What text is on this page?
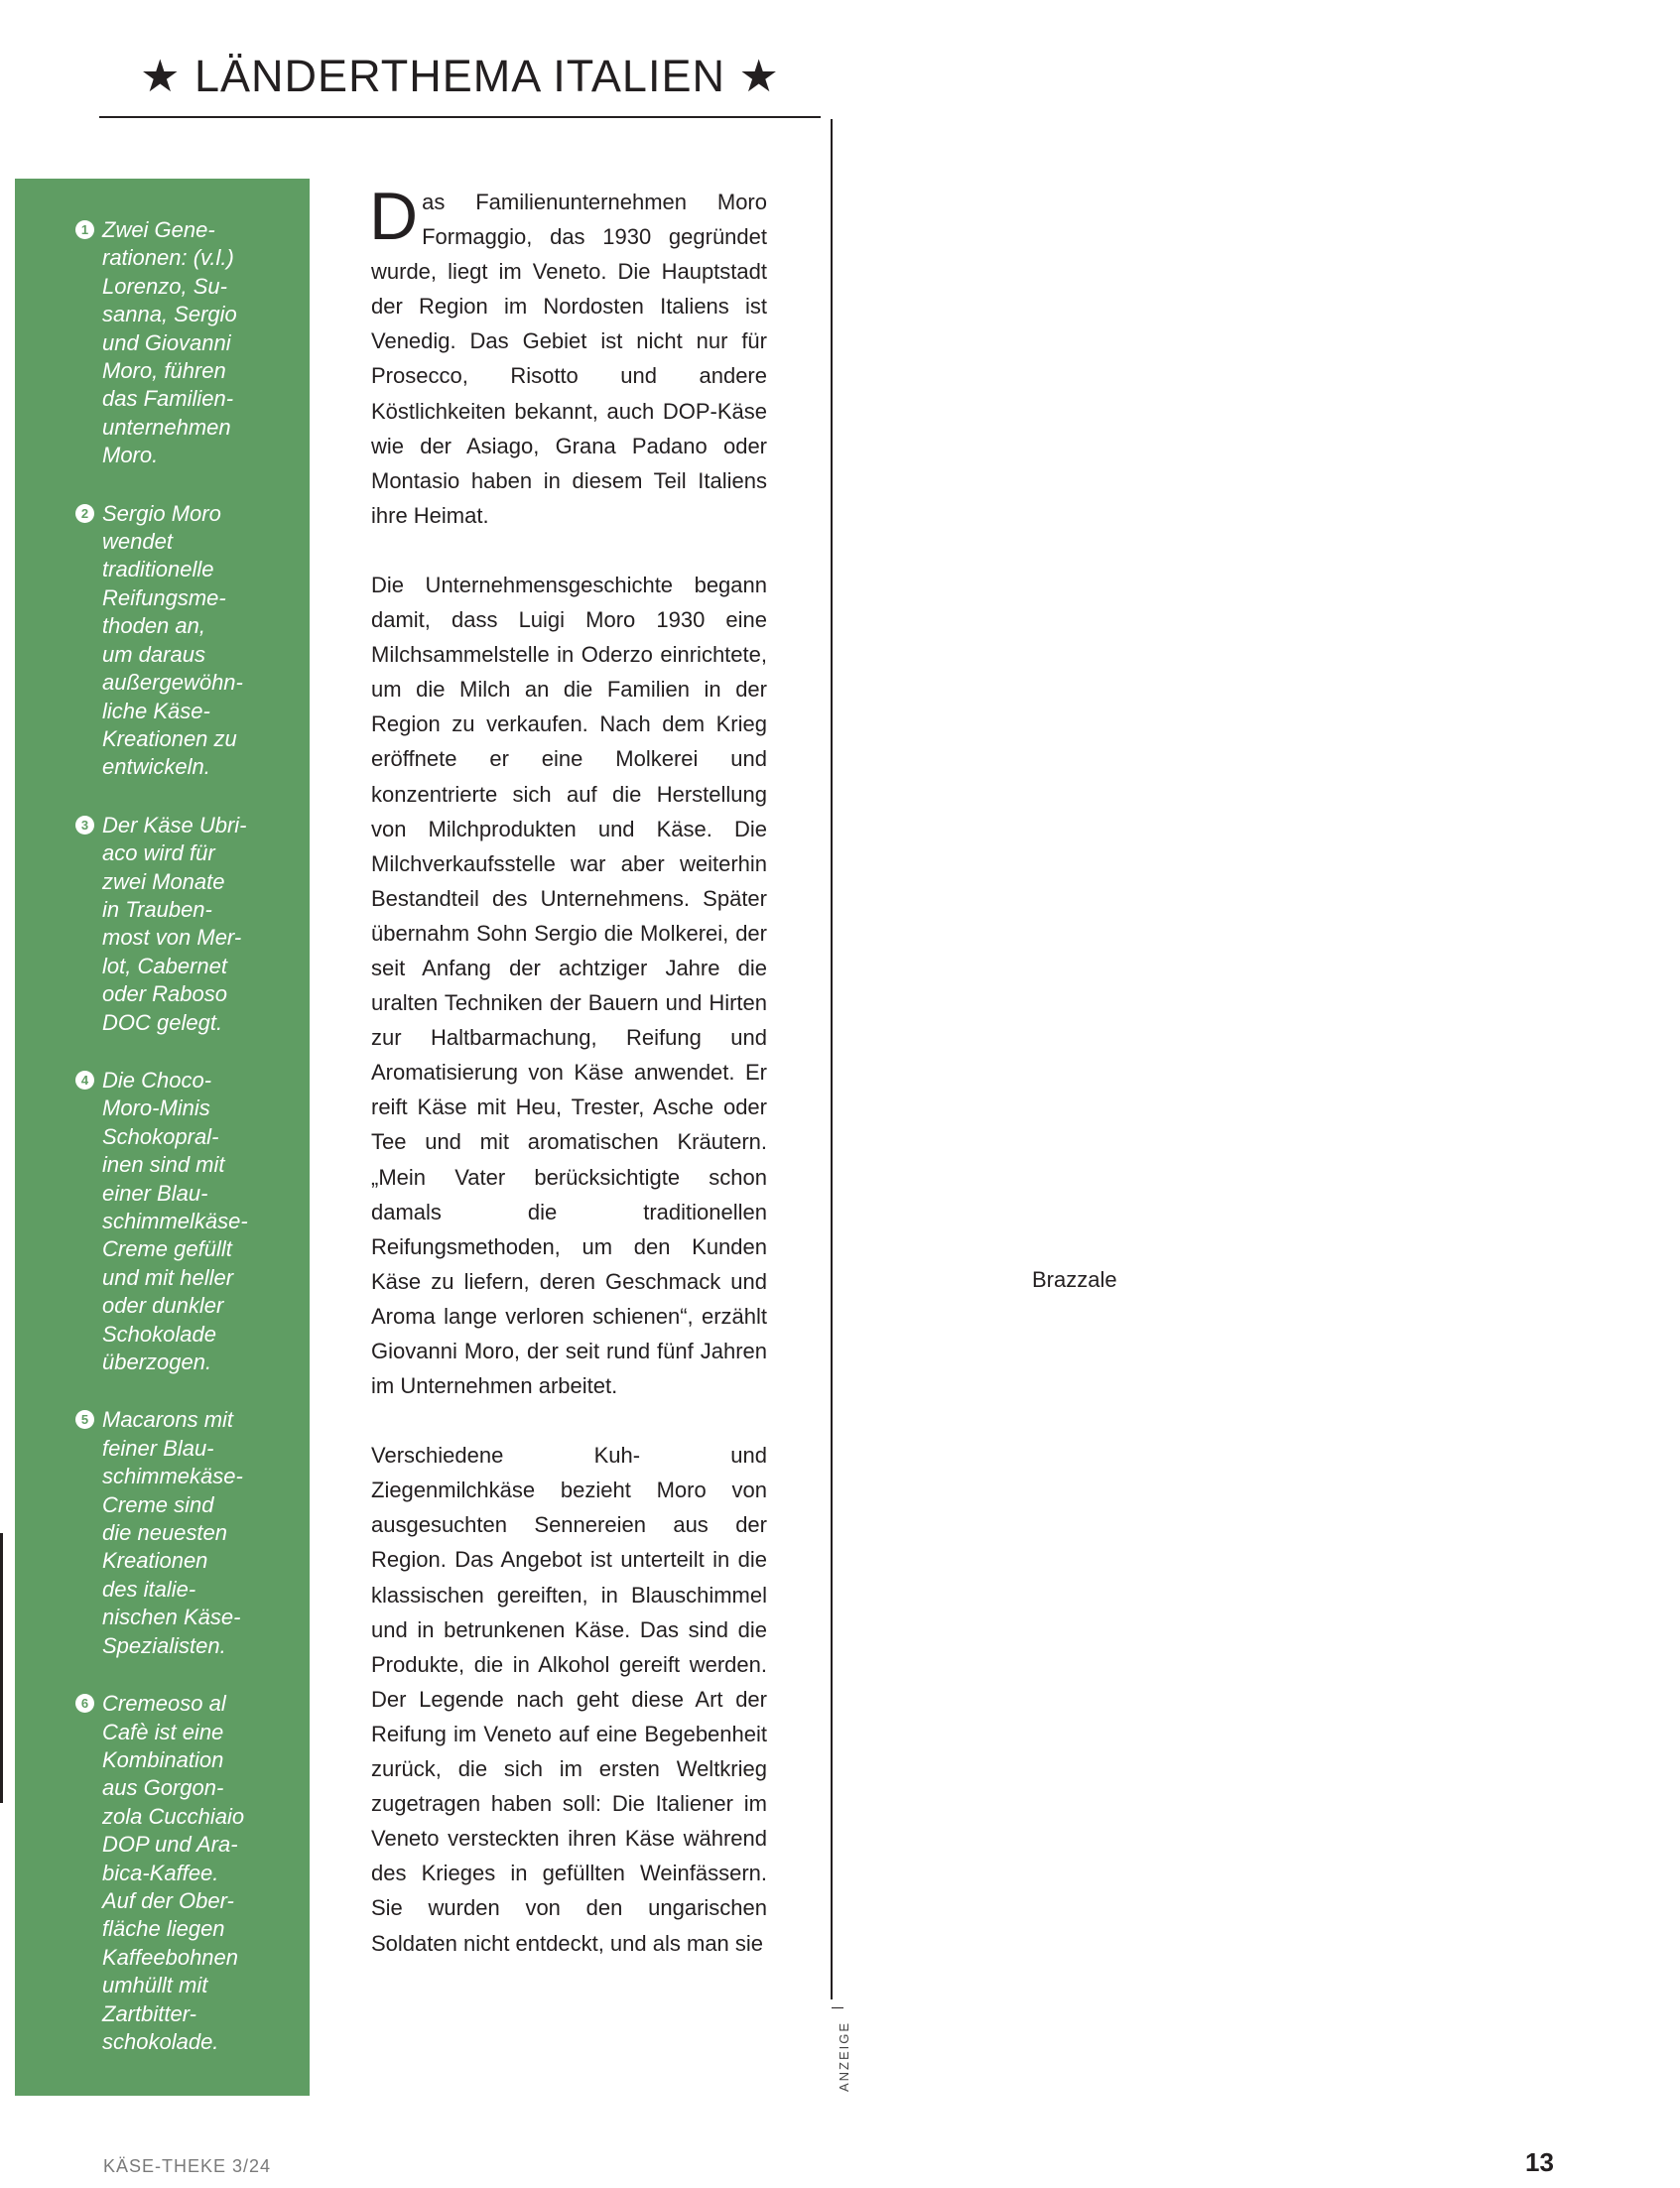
★ LÄNDERTHEMA ITALIEN ★
1 Zwei Gene-
rationen: (v.l.)
Lorenzo, Su-
sanna, Sergio
und Giovanni
Moro, führen
das Familien-
unternehmen
Moro.
2 Sergio Moro
wendet
traditionelle
Reifungsme-
thoden an,
um daraus
außergewöhn-
liche Käse-
Kreationen zu
entwickeln.
3 Der Käse Ubri-
aco wird für
zwei Monate
in Trauben-
most von Mer-
lot, Cabernet
oder Raboso
DOC gelegt.
4 Die Choco-
Moro-Minis
Schokopral-
inen sind mit
einer Blau-
schimmelkäse-
Creme gefüllt
und mit heller
oder dunkler
Schokolade
überzogen.
5 Macarons mit
feiner Blau-
schimmekäse-
Creme sind
die neuesten
Kreationen
des italie-
nischen Käse-
Spezialisten.
6 Cremeoso al
Cafè ist eine
Kombination
aus Gorgon-
zola Cucchiaio
DOP und Ara-
bica-Kaffee.
Auf der Ober-
fläche liegen
Kaffeebohnen
umhüllt mit
Zartbitter-
schokolade.

Das Familienunternehmen Moro Formaggio, das 1930 gegründet wurde, liegt im Veneto. Die Hauptstadt der Region im Nordosten Italiens ist Venedig. Das Gebiet ist nicht nur für Prosecco, Risotto und andere Köstlichkeiten bekannt, auch DOP-Käse wie der Asiago, Grana Padano oder Montasio haben in diesem Teil Italiens ihre Heimat.

Die Unternehmensgeschichte begann damit, dass Luigi Moro 1930 eine Milchsammelstelle in Oderzo einrichtete, um die Milch an die Familien in der Region zu verkaufen. Nach dem Krieg eröffnete er eine Molkerei und konzentrierte sich auf die Herstellung von Milchprodukten und Käse. Die Milchverkaufsstelle war aber weiterhin Bestandteil des Unternehmens. Später übernahm Sohn Sergio die Molkerei, der seit Anfang der achtziger Jahre die uralten Techniken der Bauern und Hirten zur Haltbarmachung, Reifung und Aromatisierung von Käse anwendet. Er reift Käse mit Heu, Trester, Asche oder Tee und mit aromatischen Kräutern. „Mein Vater berücksichtigte schon damals die traditionellen Reifungsmethoden, um den Kunden Käse zu liefern, deren Geschmack und Aroma lange verloren schienen“, erzählt Giovanni Moro, der seit rund fünf Jahren im Unternehmen arbeitet.

Verschiedene Kuh- und Ziegenmilchkäse bezieht Moro von ausgesuchten Sennereien aus der Region. Das Angebot ist unterteilt in die klassischen gereiften, in Blauschimmel und in betrunkenen Käse. Das sind die Produkte, die in Alkohol gereift werden. Der Legende nach geht diese Art der Reifung im Veneto auf eine Begebenheit zurück, die sich im ersten Weltkrieg zugetragen haben soll: Die Italiener im Veneto versteckten ihren Käse während des Krieges in gefüllten Weinfässern. Sie wurden von den ungarischen Soldaten nicht entdeckt, und als man sie

Brazzale
ANZEIGE
KÄSE-THEKE 3/24	13
